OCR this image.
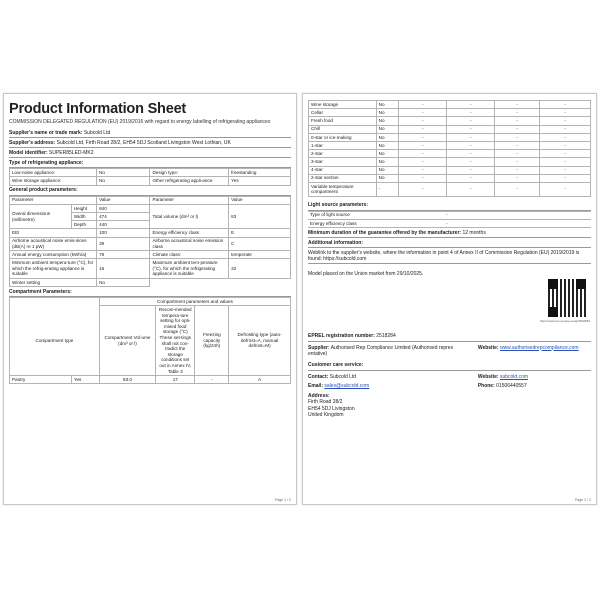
Product Information Sheet
COMMISSION DELEGATED REGULATION (EU) 2019/2016 with regard to energy labelling of refrigerating appliances
Supplier's name or trade mark: Subcold Ltd
Supplier's address: Subcold Ltd, Firth Road 28/2, EH54 5DJ Scotland Livingston West Lothian, UK
Model identifier: SUPER85LED-MK2
Type of refrigerating appliance:
Low-noise appliance:	No	Design type:	freestanding
Wine storage appliance:	No	Other refrigerating appli-ance:	Yes
General product parameters:
Parameter		Value	Parameter	Value
Overal dimensions (millimetre)	Height	840	Total volume (dm³ or l)	83
	Width	474		
	Depth	440		
EEI		100	Energy efficiency class	E
Airborne acoustical noise emis-sions (dB(A) re 1 pW)		39	Airborne acoustical noise emission class	C
Annual energy consumption (kWh/a)		78	Climate class:	temperate
Minimum ambient tempera-ture (°C), for which the refrig-erating appliance is suitable		16	Maximum ambient tem-perature (°C), for which the refrigerating appliance is suitable	32
Winter setting		No		
Compartment Parameters:
		Compartment parameters and values			
Compartment type		Compartment Vol-ume (dm³ or l)	Recom-mended tempera-ture setting for opti-mised food storage (°C) These set-tings shall not con-tradict the storage conditions set out in Annex IV, Table 3	Freezing capacity (kg/24h)	Defrosting type (auto-defrost=A, manual defrost=M)
Pantry	Yes	83.0	17	-	A
Page 1 / 2
Wine storage	No	-	-	-	-
Cellar	No	-	-	-	-
Fresh food	No	-	-	-	-
Chill	No	-	-	-	-
0-star or ice-making	No	-	-	-	-
1-star	No	-	-	-	-
2-star	No	-	-	-	-
3-star	No	-	-	-	-
4-star	No	-	-	-	-
2-star section	No	-	-	-	-
Variable temperature compartment	-	-	-	-	-
Light source parameters:
Type of light source	-
Energy efficiency class	-
Minimum duration of the guarantee offered by the manufacturer: 12 months
Additional information:
Weblink to the supplier's website, where the information in point 4 of Annex II of Commission Regulation (EU) 2019/2019 is found: https://subcold.com
Model placed on the Union market from 29/10/2025.
https://eprel.ec.europa.eu/qr/2518284
EPREL registration number: 2518284
Supplier: Authorised Rep Compliance Limited (Authorised repres entative)
Website: www.authorisedrepcompliance.com
Customer care service:
Contact: Subcold Ltd	Website: subcold.com
Email: sales@subcold.com	Phone: 01506440557
Address:
Firth Road 28/2
EH54 5DJ Livingston
United Kingdom
Page 2 / 2
